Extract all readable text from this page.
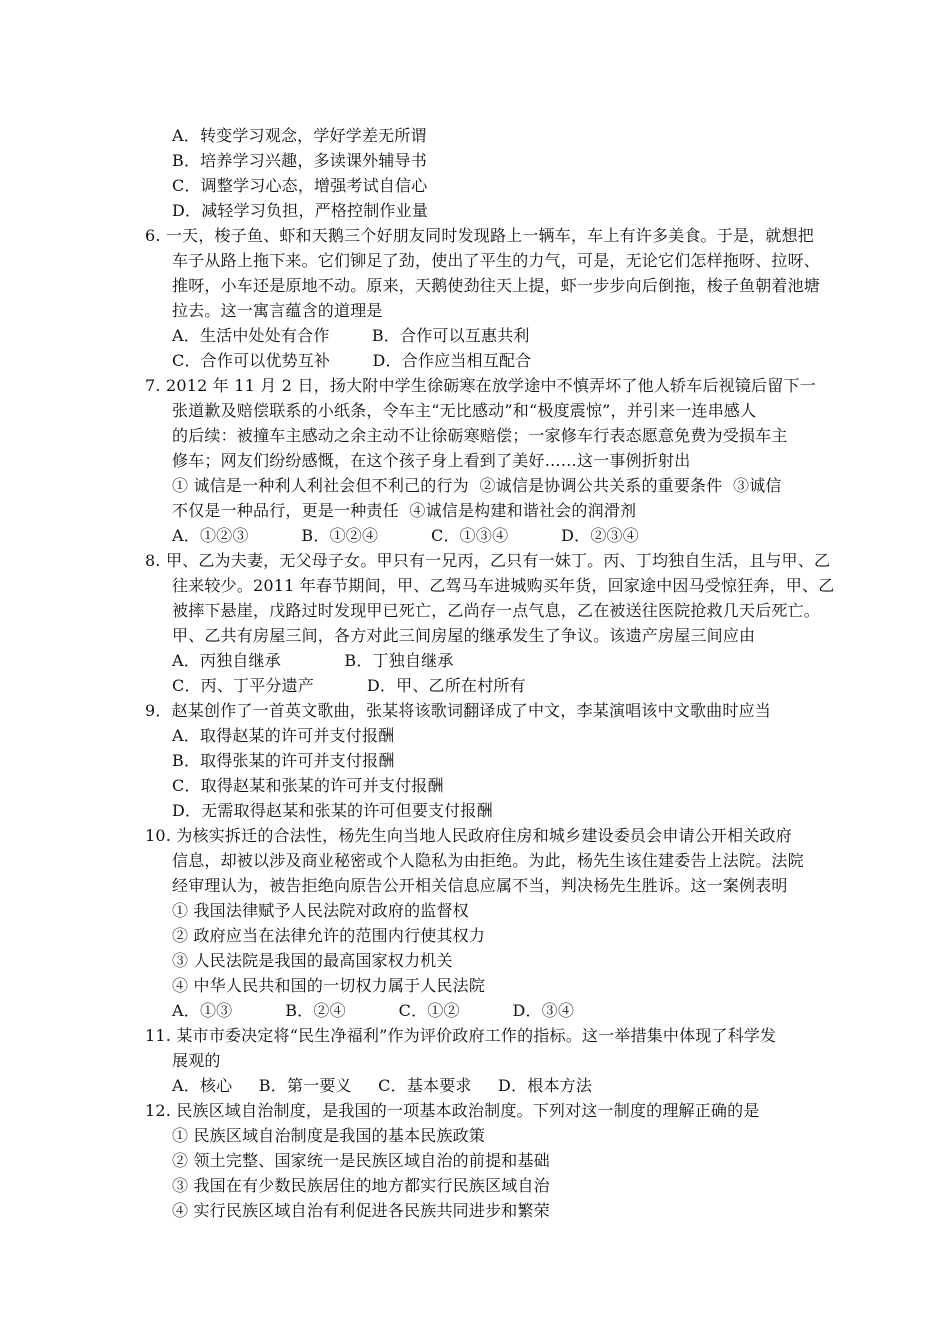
A．转变学习观念，学好学差无所谓
B．培养学习兴趣，多读课外辅导书
C．调整学习心态，增强考试自信心
D．减轻学习负担，严格控制作业量
6. 一天，梭子鱼、虾和天鹅三个好朋友同时发现路上一辆车，车上有许多美食。于是，就想把
车子从路上拖下来。它们铆足了劲，使出了平生的力气，可是，无论它们怎样拖呀、拉呀、
推呀，小车还是原地不动。原来，天鹅使劲往天上提，虾一步步向后倒拖，梭子鱼朝着池塘
拉去。这一寓言蕴含的道理是
A．生活中处处有合作        B．合作可以互惠共利
C．合作可以优势互补        D．合作应当相互配合
7. 2012 年 11 月 2 日，扬大附中学生徐砺寒在放学途中不慎弄坏了他人轿车后视镜后留下一
张道歉及赔偿联系的小纸条，令车主“无比感动”和“极度震惊”，并引来一连串感人
的后续：被撞车主感动之余主动不让徐砺寒赔偿；一家修车行表态愿意免费为受损车主
修车；网友们纷纷感慨，在这个孩子身上看到了美好……这一事例折射出
① 诚信是一种利人利社会但不利己的行为  ②诚信是协调公共关系的重要条件  ③诚信
不仅是一种品行，更是一种责任  ④诚信是构建和谐社会的润滑剂
A．①②③          B．①②④          C．①③④          D．②③④
8. 甲、乙为夫妻，无父母子女。甲只有一兄丙，乙只有一妹丁。丙、丁均独自生活，且与甲、乙
往来较少。2011 年春节期间，甲、乙驾马车进城购买年货，回家途中因马受惊狂奔，甲、乙
被摔下悬崖，戊路过时发现甲已死亡，乙尚存一点气息，乙在被送往医院抢救几天后死亡。
甲、乙共有房屋三间，各方对此三间房屋的继承发生了争议。该遗产房屋三间应由
A．丙独自继承            B．丁独自继承
C．丙、丁平分遗产          D．甲、乙所在村所有
9．赵某创作了一首英文歌曲，张某将该歌词翻译成了中文，李某演唱该中文歌曲时应当
A．取得赵某的许可并支付报酬
B．取得张某的许可并支付报酬
C．取得赵某和张某的许可并支付报酬
D．无需取得赵某和张某的许可但要支付报酬
10. 为核实拆迁的合法性，杨先生向当地人民政府住房和城乡建设委员会申请公开相关政府
信息，却被以涉及商业秘密或个人隐私为由拒绝。为此，杨先生该住建委告上法院。法院
经审理认为，被告拒绝向原告公开相关信息应属不当，判决杨先生胜诉。这一案例表明
① 我国法律赋予人民法院对政府的监督权
② 政府应当在法律允许的范围内行使其权力
③ 人民法院是我国的最高国家权力机关
④ 中华人民共和国的一切权力属于人民法院
A．①③          B．②④          C．①②          D．③④
11. 某市市委决定将“民生净福利”作为评价政府工作的指标。这一举措集中体现了科学发
展观的
A．核心     B．第一要义     C．基本要求     D．根本方法
12. 民族区域自治制度，是我国的一项基本政治制度。下列对这一制度的理解正确的是
① 民族区域自治制度是我国的基本民族政策
② 领土完整、国家统一是民族区域自治的前提和基础
③ 我国在有少数民族居住的地方都实行民族区域自治
④ 实行民族区域自治有利促进各民族共同进步和繁荣
